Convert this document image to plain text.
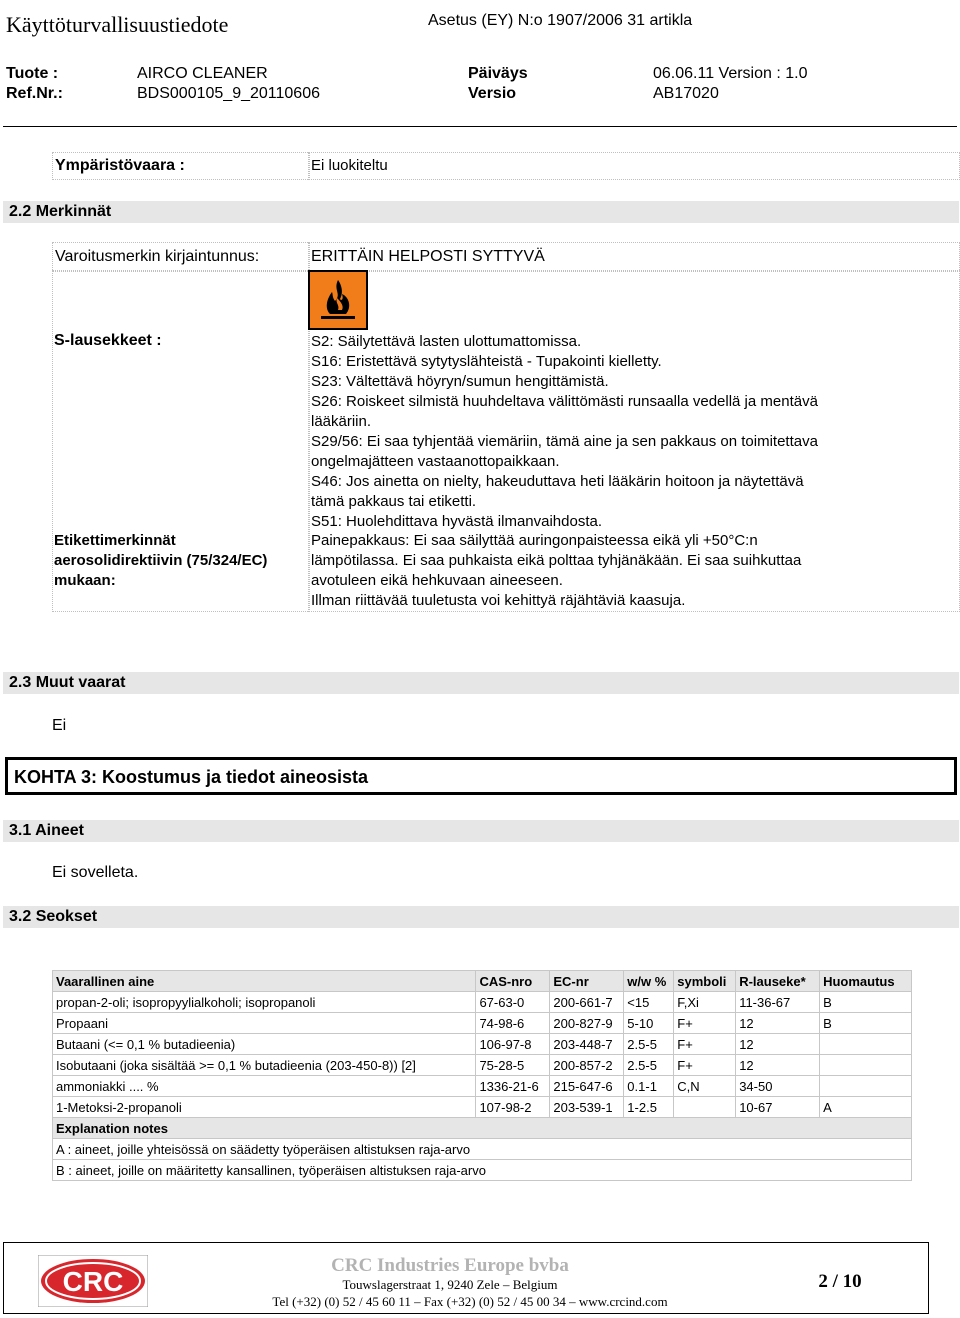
Käyttöturvallisuustiedote	Asetus (EY) N:o 1907/2006 31 artikla
Tuote :	AIRCO CLEANER	Päiväys	06.06.11 Version : 1.0
Ref.Nr.:	BDS000105_9_20110606	Versio	AB17020
Ympäristövaara :	Ei luokiteltu
2.2 Merkinnät
Varoitusmerkin kirjaintunnus:	ERITTÄIN HELPOSTI SYTTYVÄ
S-lausekkeet :	S2: Säilytettävä lasten ulottumattomissa.
S16: Eristettävä sytytyslähteistä - Tupakointi kielletty.
S23: Vältettävä höyryn/sumun hengittämistä.
S26: Roiskeet silmistä huuhdeltava välittömästi runsaalla vedellä ja mentävä
lääkäriin.
S29/56: Ei saa tyhjentää viemäriin, tämä aine ja sen pakkaus on toimitettava
ongelmajätteen vastaanottopaikkaan.
S46: Jos ainetta on nielty, hakeuduttava heti lääkärin hoitoon ja näytettävä
tämä pakkaus tai etiketti.
S51: Huolehdittava hyvästä ilmanvaihdosta.
Etikettimerkinnät
aerosolidirektiivin (75/324/EC)
mukaan:
Painepakkaus: Ei saa säilyttää auringonpaisteessa eikä yli +50°C:n
lämpötilassa. Ei saa puhkaista eikä polttaa tyhjänäkään. Ei saa suihkuttaa
avotuleen eikä hehkuvaan aineeseen.
Illman riittävää tuuletusta voi kehittyä räjähtäviä kaasuja.
2.3 Muut vaarat
Ei
KOHTA 3: Koostumus ja tiedot aineosista
3.1 Aineet
Ei sovelleta.
3.2 Seokset
Vaarallinen aine	CAS-nro	EC-nr	w/w %	symboli	R-lauseke*	Huomautus
propan-2-oli; isopropyylialkoholi; isopropanoli	67-63-0	200-661-7	<15	F,Xi	11-36-67	B
Propaani	74-98-6	200-827-9	5-10	F+	12	B
Butaani (<= 0,1 % butadieenia)	106-97-8	203-448-7	2.5-5	F+	12	
Isobutaani (joka sisältää >= 0,1 % butadieenia (203-450-8)) [2]	75-28-5	200-857-2	2.5-5	F+	12	
ammoniakki .... %	1336-21-6	215-647-6	0.1-1	C,N	34-50	
1-Metoksi-2-propanoli	107-98-2	203-539-1	1-2.5		10-67	A
Explanation notes						
A : aineet, joille yhteisössä on säädetty työperäisen altistuksen raja-arvo						
B : aineet, joille on määritetty kansallinen, työperäisen altistuksen raja-arvo						
CRC
CRC Industries Europe bvba
Touwslagerstraat 1, 9240 Zele – Belgium
Tel (+32) (0) 52 / 45 60 11 – Fax (+32) (0) 52 / 45 00 34 – www.crcind.com
2 / 10
